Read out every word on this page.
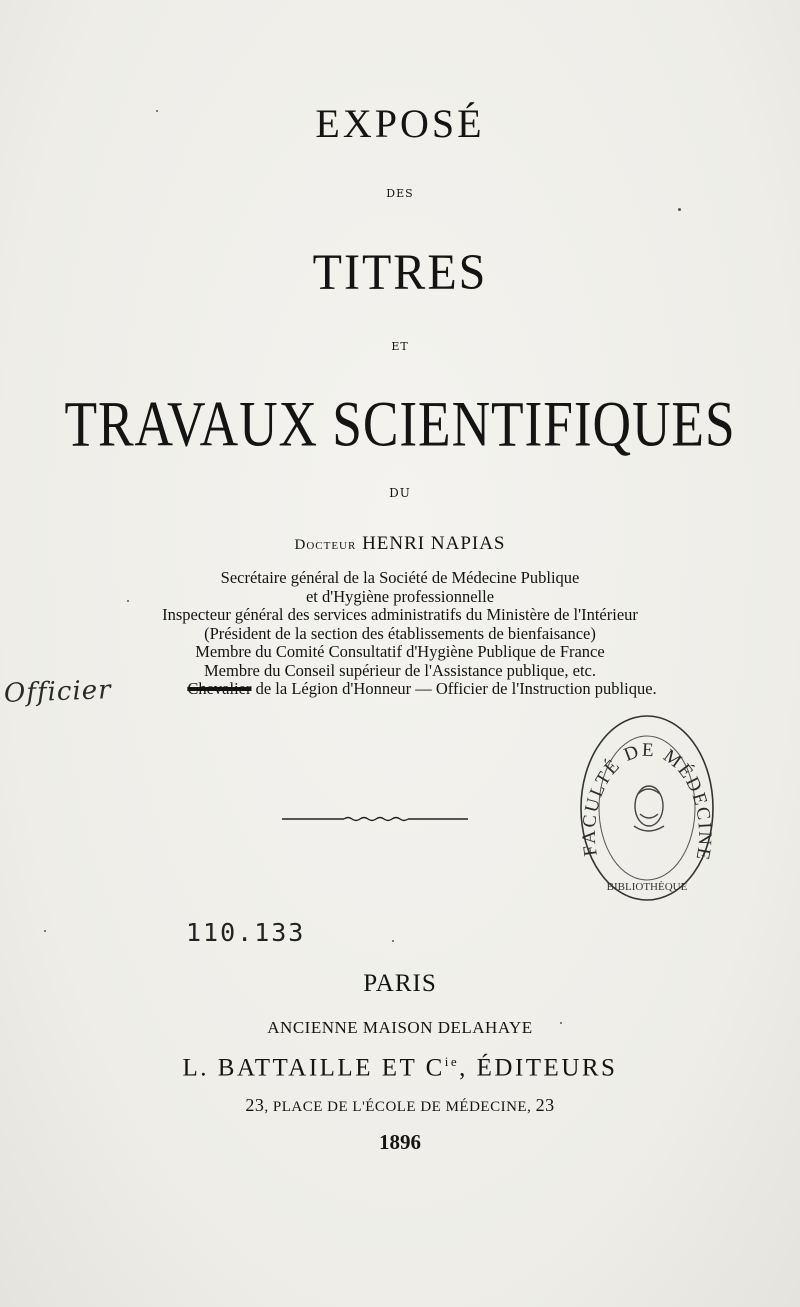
EXPOSÉ
DES
TITRES
ET
TRAVAUX SCIENTIFIQUES
DU
Docteur HENRI NAPIAS
Secrétaire général de la Société de Médecine Publique
et d'Hygiène professionnelle
Inspecteur général des services administratifs du Ministère de l'Intérieur
(Président de la section des établissements de bienfaisance)
Membre du Comité Consultatif d'Hygiène Publique de France
Membre du Conseil supérieur de l'Assistance publique, etc.
Chevalier de la Légion d'Honneur — Officier de l'Instruction publique.
Officier
FACULTÉ DE MÉDECINE
BIBLIOTHÈQUE
110.133
PARIS
ANCIENNE MAISON DELAHAYE
L. BATTAILLE ET $C^{ie}$, ÉDITEURS
23, PLACE DE L'ÉCOLE DE MÉDECINE, 23
1896
